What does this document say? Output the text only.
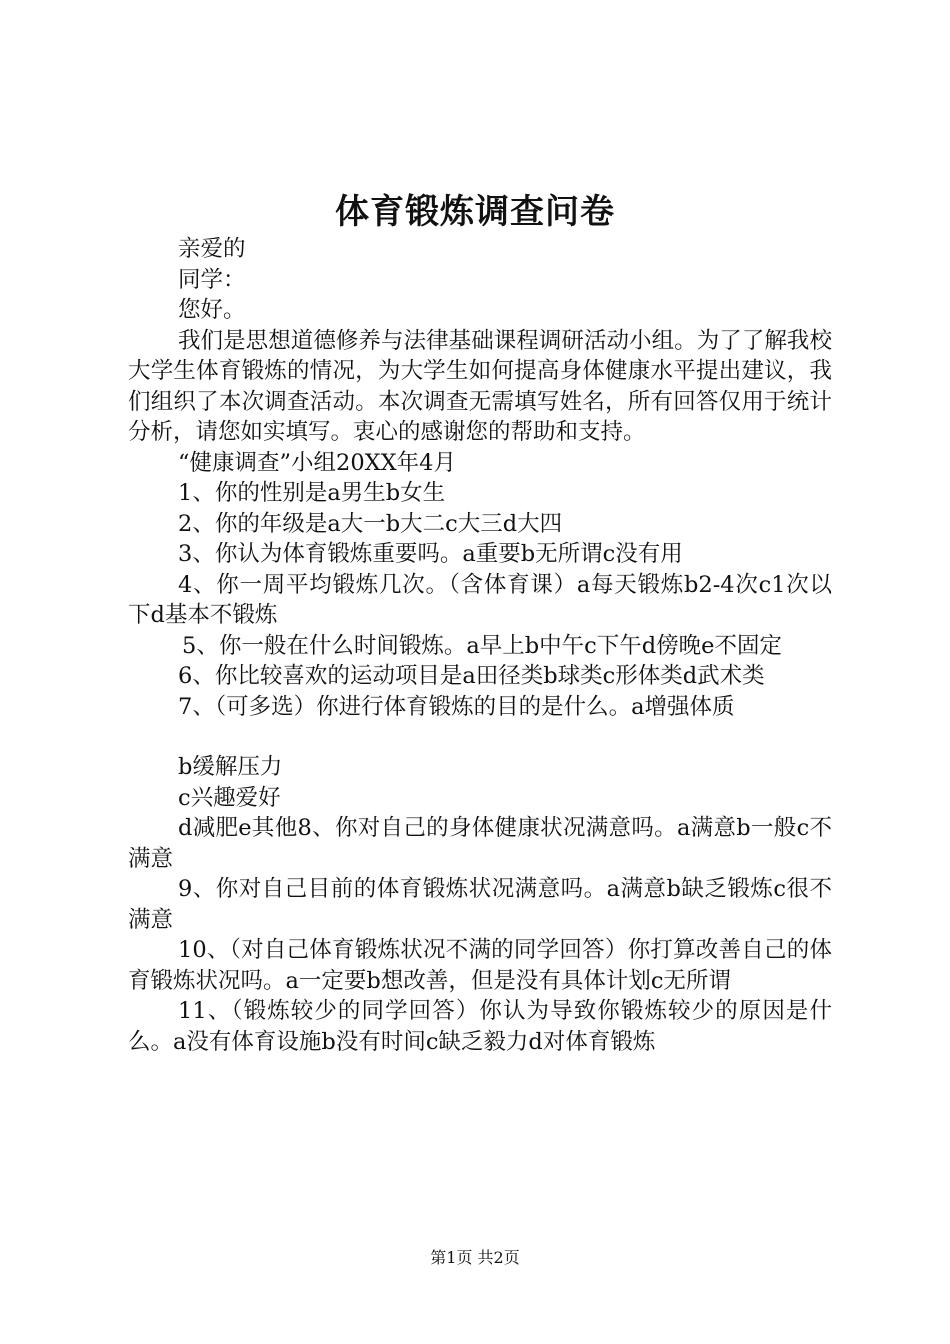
体育锻炼调查问卷

亲爱的

同学：

您好。

我们是思想道德修养与法律基础课程调研活动小组。为了了解我校大学生体育锻炼的情况，为大学生如何提高身体健康水平提出建议，我们组织了本次调查活动。本次调查无需填写姓名，所有回答仅用于统计分析，请您如实填写。衷心的感谢您的帮助和支持。

“健康调查”小组20XX年4月

1、你的性别是a男生b女生

2、你的年级是a大一b大二c大三d大四

3、你认为体育锻炼重要吗。a重要b无所谓c没有用

4、你一周平均锻炼几次。（含体育课）a每天锻炼b2-4次c1次以下d基本不锻炼

5、你一般在什么时间锻炼。a早上b中午c下午d傍晚e不固定

6、你比较喜欢的运动项目是a田径类b球类c形体类d武术类

7、（可多选）你进行体育锻炼的目的是什么。a增强体质

b缓解压力

c兴趣爱好

d减肥e其他8、你对自己的身体健康状况满意吗。a满意b一般c不满意

9、你对自己目前的体育锻炼状况满意吗。a满意b缺乏锻炼c很不满意

10、（对自己体育锻炼状况不满的同学回答）你打算改善自己的体育锻炼状况吗。a一定要b想改善，但是没有具体计划c无所谓

11、（锻炼较少的同学回答）你认为导致你锻炼较少的原因是什么。a没有体育设施b没有时间c缺乏毅力d对体育锻炼

第1页 共2页
